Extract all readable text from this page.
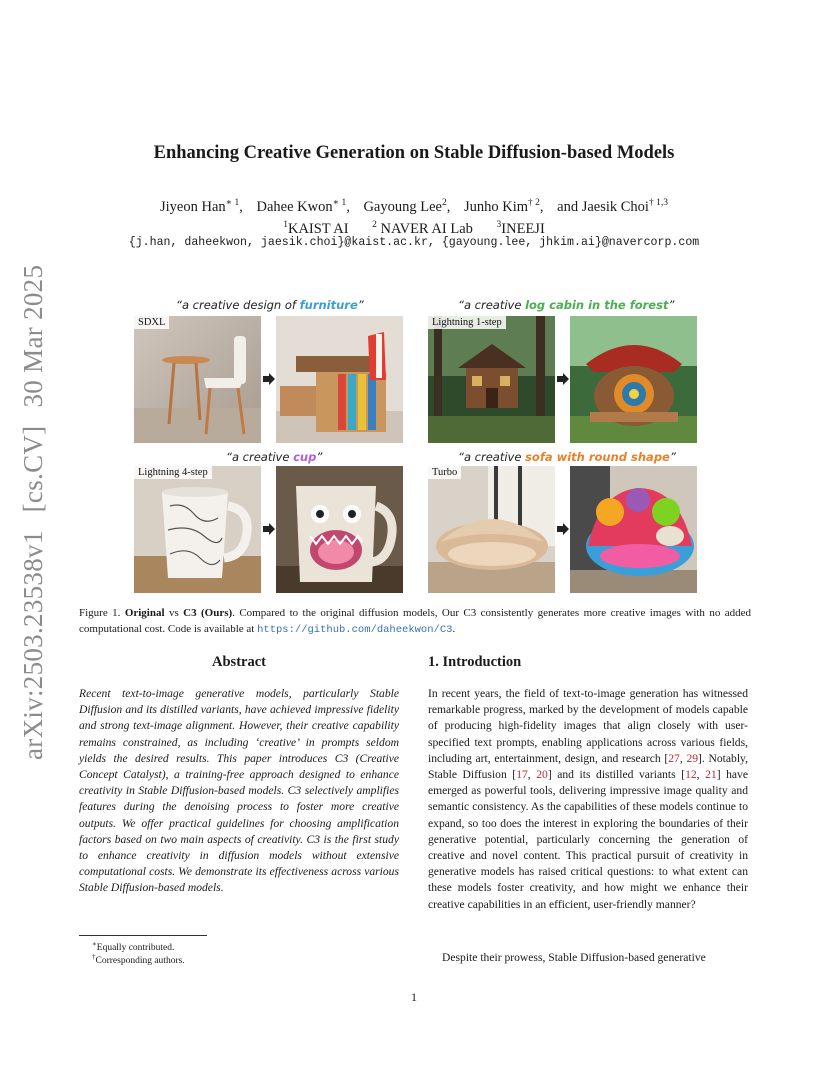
arXiv:2503.23538v1[cs.CV]30 Mar 2025
Enhancing Creative Generation on Stable Diffusion-based Models
Jiyeon Han$^{∗ 1}$, Dahee Kwon$^{∗ 1}$, Gayoung Lee$^2$, Junho Kim$^{\dagger 2}$, and Jaesik Choi$^{\dagger 1,3}$
$^1$KAIST AI $^2$ NAVER AI Lab $^3$INEEJI
{j.han, daheekwon, jaesik.choi}@kaist.ac.kr, {gayoung.lee, jhkim.ai}@navercorp.com
“a creative design of furniture”
SDXL
“a creative log cabin in the forest”
Lightning 1-step
“a creative cup”
Lightning 4-step
“a creative sofa with round shape”
Turbo
Figure 1. Original vs C3 (Ours). Compared to the original diffusion models, Our C3 consistently generates more creative images with no added computational cost. Code is available at https://github.com/daheekwon/C3.
Abstract
Recent text-to-image generative models, particularly Stable Diffusion and its distilled variants, have achieved impressive fidelity and strong text-image alignment. However, their creative capability remains constrained, as including ‘creative’ in prompts seldom yields the desired results. This paper introduces C3 (Creative Concept Catalyst), a training-free approach designed to enhance creativity in Stable Diffusion-based models. C3 selectively amplifies features during the denoising process to foster more creative outputs. We offer practical guidelines for choosing amplification factors based on two main aspects of creativity. C3 is the first study to enhance creativity in diffusion models without extensive computational costs. We demonstrate its effectiveness across various Stable Diffusion-based models.
∗Equally contributed.
†Corresponding authors.
1. Introduction
In recent years, the field of text-to-image generation has witnessed remarkable progress, marked by the development of models capable of producing high-fidelity images that align closely with user-specified text prompts, enabling applications across various fields, including art, entertainment, design, and research [27, 29]. Notably, Stable Diffusion [17, 20] and its distilled variants [12, 21] have emerged as powerful tools, delivering impressive image quality and semantic consistency. As the capabilities of these models continue to expand, so too does the interest in exploring the boundaries of their generative potential, particularly concerning the generation of creative and novel content. This practical pursuit of creativity in generative models has raised critical questions: to what extent can these models foster creativity, and how might we enhance their creative capabilities in an efficient, user-friendly manner?
Despite their prowess, Stable Diffusion-based generative
1
